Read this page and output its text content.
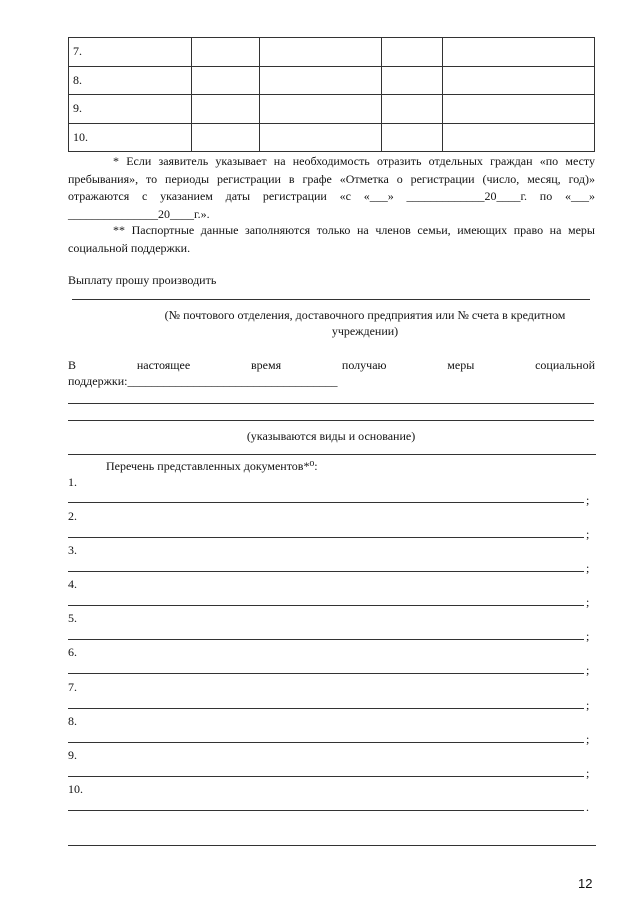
7.				
8.				
9.				
10.				

* Если заявитель указывает на необходимость отразить отдельных граждан «по месту пребывания», то периоды регистрации в графе «Отметка о регистрации (число, месяц, год)» отражаются с указанием даты регистрации «с «___» _____________20____г. по «___» _______________20____г.».

** Паспортные данные заполняются только на членов семьи, имеющих право на меры социальной поддержки.

Выплату прошу производить

(№ почтового отделения, доставочного предприятия или № счета в кредитном
учреждении)
В	настоящее	время	получаю	меры	социальной
поддержки:___________________________________
(указываются виды и основание)
Перечень представленных документов*⁰:
1.
;
2.
;
3.
;
4.
;
5.
;
6.
;
7.
;
8.
;
9.
;
10.
.
12
